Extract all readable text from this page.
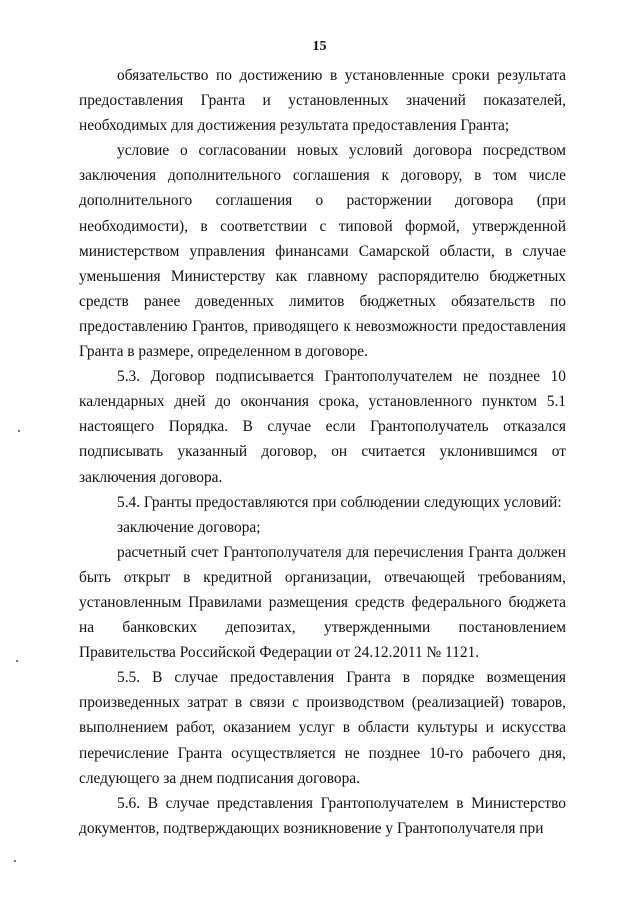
15

обязательство по достижению в установленные сроки результата предоставления Гранта и установленных значений показателей, необходимых для достижения результата предоставления Гранта;

условие о согласовании новых условий договора посредством заключения дополнительного соглашения к договору, в том числе дополнительного соглашения о расторжении договора (при необходимости), в соответствии с типовой формой, утвержденной министерством управления финансами Самарской области, в случае уменьшения Министерству как главному распорядителю бюджетных средств ранее доведенных лимитов бюджетных обязательств по предоставлению Грантов, приводящего к невозможности предоставления Гранта в размере, определенном в договоре.

5.3. Договор подписывается Грантополучателем не позднее 10 календарных дней до окончания срока, установленного пунктом 5.1 настоящего Порядка. В случае если Грантополучатель отказался подписывать указанный договор, он считается уклонившимся от заключения договора.

5.4. Гранты предоставляются при соблюдении следующих условий:

заключение договора;

расчетный счет Грантополучателя для перечисления Гранта должен быть открыт в кредитной организации, отвечающей требованиям, установленным Правилами размещения средств федерального бюджета на банковских депозитах, утвержденными постановлением Правительства Российской Федерации от 24.12.2011 № 1121.

5.5. В случае предоставления Гранта в порядке возмещения произведенных затрат в связи с производством (реализацией) товаров, выполнением работ, оказанием услуг в области культуры и искусства перечисление Гранта осуществляется не позднее 10-го рабочего дня, следующего за днем подписания договора.

5.6. В случае представления Грантополучателем в Министерство документов, подтверждающих возникновение у Грантополучателя при
